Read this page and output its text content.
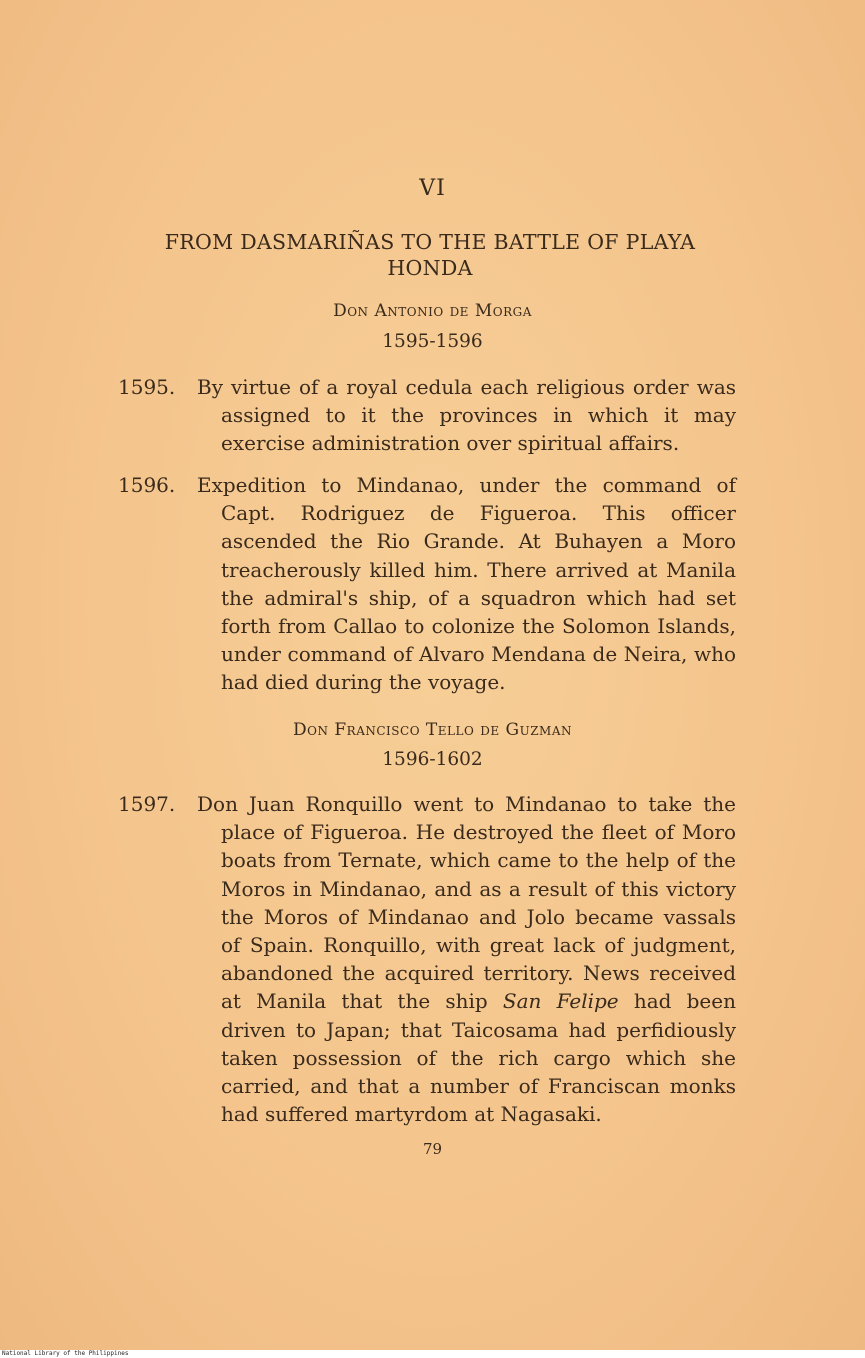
VI
FROM DASMARIÑAS TO THE BATTLE OF PLAYA HONDA
Don Antonio de Morga
1595-1596
1595. By virtue of a royal cedula each religious order was assigned to it the provinces in which it may exercise administration over spiritual affairs.
1596. Expedition to Mindanao, under the command of Capt. Rodriguez de Figueroa. This officer ascended the Rio Grande. At Buhayen a Moro treacherously killed him. There arrived at Manila the admiral's ship, of a squadron which had set forth from Callao to colonize the Solomon Islands, under command of Alvaro Mendana de Neira, who had died during the voyage.
Don Francisco Tello de Guzman
1596-1602
1597. Don Juan Ronquillo went to Mindanao to take the place of Figueroa. He destroyed the fleet of Moro boats from Ternate, which came to the help of the Moros in Mindanao, and as a result of this victory the Moros of Mindanao and Jolo became vassals of Spain. Ronquillo, with great lack of judgment, abandoned the acquired territory. News received at Manila that the ship San Felipe had been driven to Japan; that Taicosama had perfidiously taken possession of the rich cargo which she carried, and that a number of Franciscan monks had suffered martyrdom at Nagasaki.
79
National Library of the Philippines
